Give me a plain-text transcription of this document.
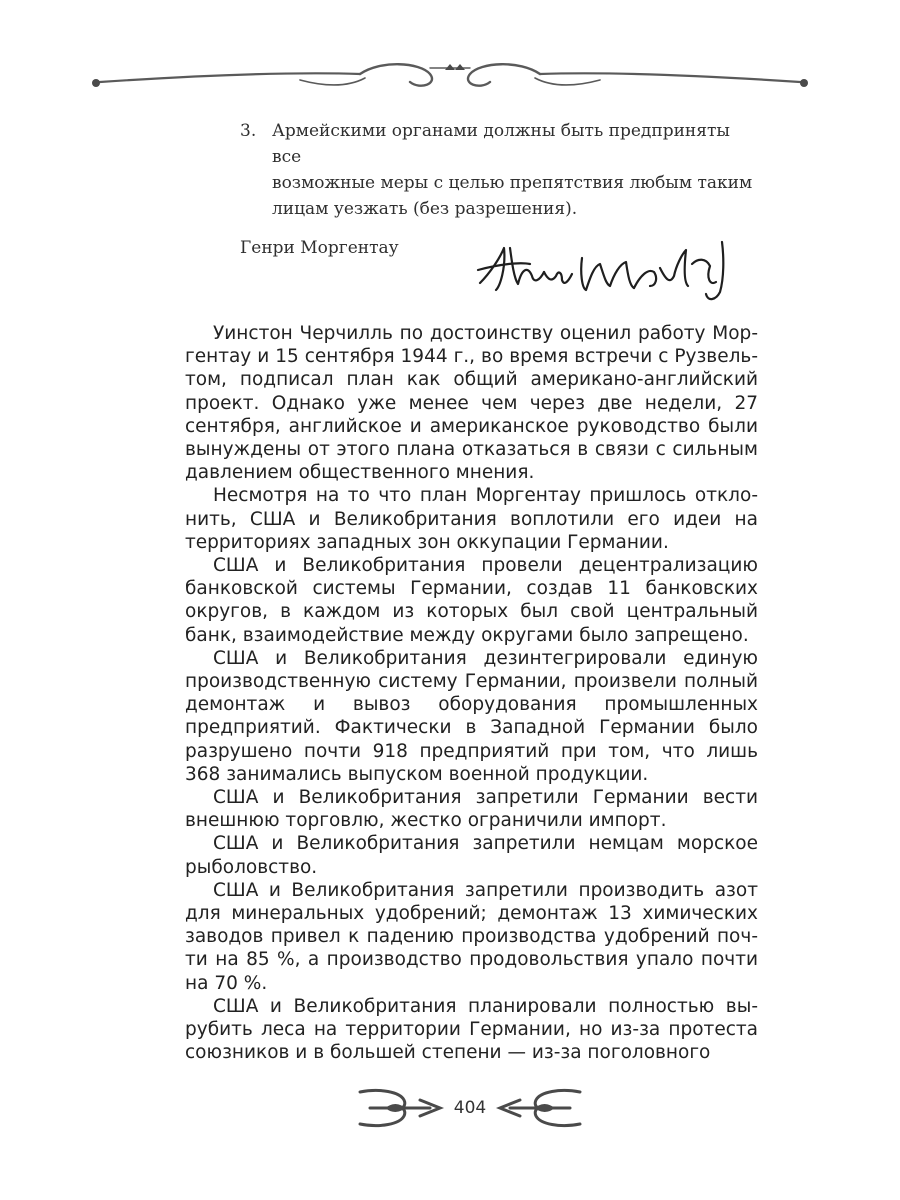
3. Армейскими органами должны быть предприняты все
возможные меры с целью препятствия любым таким
лицам уезжать (без разрешения).
Генри Моргентау

Уинстон Черчилль по достоинству оценил работу Моргентау и 15 сентября 1944 г., во время встречи с Рузвельтом, подписал план как общий американо-английский проект. Однако уже менее чем через две недели, 27 сентября, английское и американское руководство были вынуждены от этого плана отказаться в связи с сильным давлением общественного мнения.

Несмотря на то что план Моргентау пришлось отклонить, США и Великобритания воплотили его идеи на территориях западных зон оккупации Германии.

США и Великобритания провели децентрализацию банковской системы Германии, создав 11 банковских округов, в каждом из которых был свой центральный банк, взаимодействие между округами было запрещено.

США и Великобритания дезинтегрировали единую производственную систему Германии, произвели полный демонтаж и вывоз оборудования промышленных предприятий. Фактически в Западной Германии было разрушено почти 918 предприятий при том, что лишь 368 занимались выпуском военной продукции.

США и Великобритания запретили Германии вести внешнюю торговлю, жестко ограничили импорт.

США и Великобритания запретили немцам морское рыболовство.

США и Великобритания запретили производить азот для минеральных удобрений; демонтаж 13 химических заводов привел к падению производства удобрений почти на 85 %, а производство продовольствия упало почти на 70 %.

США и Великобритания планировали полностью вырубить леса на территории Германии, но из-за протеста союзников и в большей степени — из-за поголовного

404
